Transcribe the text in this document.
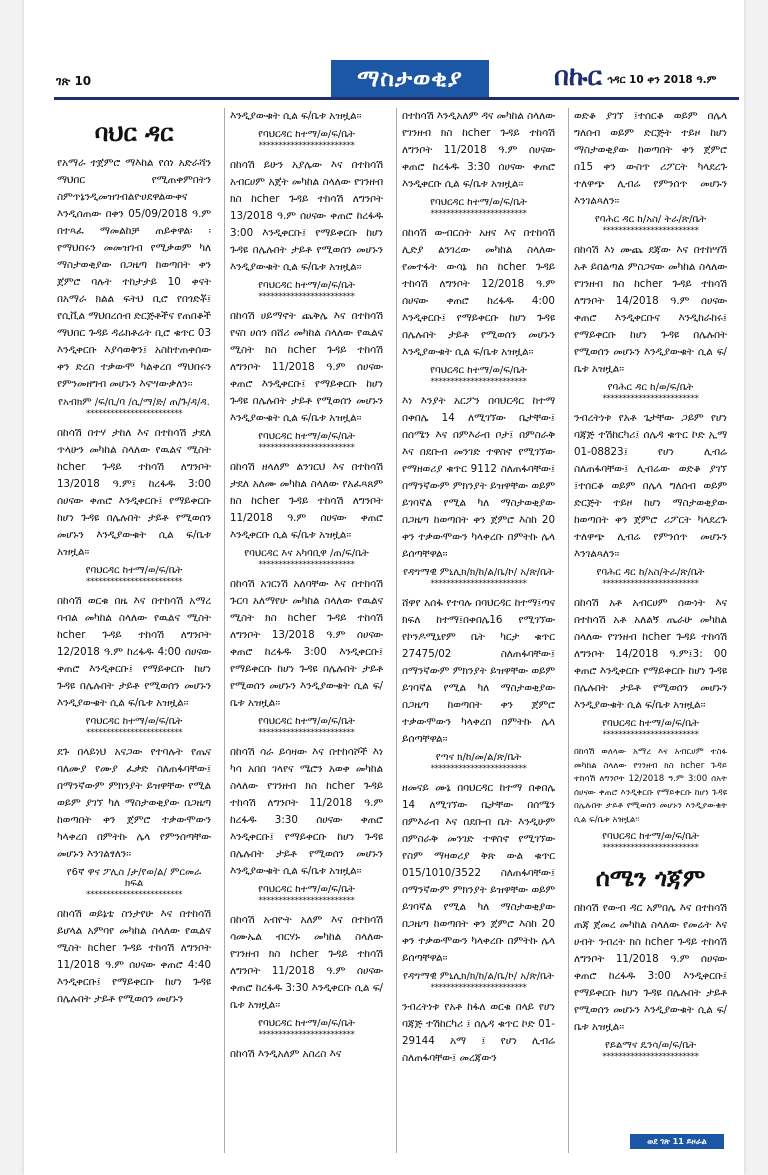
ገጽ 10	ማስታወቂያ	በኩር ኅዳር 10 ቀን 2018 ዓ.ም
ባህር ዳር

የአማራ ተጀምሮ ማእከል የሰነ አድራሻን ማህበር የሚጠቀምበትን ስምጥኔንዲመዝገብልዮሀደዋልውቀና እንዲሰጠው በቀን 05/09/2018 ዓ.ም በተጻፈ ማመልከቻ ጠይቀዋል፡ ፡ የማህበሩን መመዝገብ የሚቃወም ካለ ማስታወቂያው በጋዜጣ ከወጣበት ቀን ጀምሮ ባሉት ተከታታይ 10 ቀናት በአማራ ክልል ፍትህ ቢሮ የበጎድቾ፤ የሲቪል ማህበረሰብ ድርጅቶችና የጠበቆች ማህበር ጉዳይ ዳሬክቶሬት ቢሮ ቁጥር 03 እንዲቀርቡ እያሳወቅን፤ አስከተጠቀሰው ቀን ድረስ ተቃውሞ ካልቀረበ ማህበሩን የምንመዘግብ መሆኑን እናሣውቃለን፡፡

የአብክም /ፍ/ቢ/ባ /ሲ/ማ/ድ/ ጠ/ጉ/ዳ/ዳ.
************************

በከሳሽ በተሃ ታከለ እና በተከሳሽ ታደለ ጥላሁን መካከል ስላለው የዉልና ሚስት ከcher ጉዳይ ተከሳሽ ለግንቦት 13/2018 ዓ.ም፤ ከረፋዱ 3:00 ሰሀናው ቀጠሮ እንዲቀርቡ፤ የማይቀርቡ ከሆነ ጉዳዩ በሌሉበት ታይቶ የሚወሰን መሆኑን እንዲያውቁት ሲል ፍ/ቤቱ አዝዟል፡፡

የባህርዳር ከተማ/ወ/ፍ/ቤት
************************

በከሳሽ ወርቁ በዜ እና በተከሳሽ አማረ ባብል መካከል ስላለው የዉልና ሚስት ከcher ጉዳይ ተከሳሽ ለግንቦት 12/2018 ዓ.ም ከረፋዱ 4:00 ሰሀናው ቀጠሮ እንዲቀርቡ፤ የማይቀርቡ ከሆነ ጉዳዩ በሌሉበት ታይቶ የሚወሰን መሆኑን እንዲያውቁት ሲል ፍ/ቤቱ አዝዟል፡፡

የባህርዳር ከተማ/ወ/ፍ/ቤት
************************

ደጉ በላይነህ አናጋው የተባሉት የጤና ባለሙያ የሙያ ፈቃድ ስለጠፋባቸው፤ በማንኛውም ምክንያት ይዝዋቸው የሚል ወይም ያገኘ ካለ ማስታወቂያው በጋዜጣ ከወጣበት ቀን ጀምሮ ተቃውሞውን ካላቀረበ በምትኩ ሌላ የምንሰጣቸው መሆኑን እንገልፃለን፡፡

የ6ኛ ዋና ፖሊስ /ታ/የወ/ል/ ምርመራ ክፍል
************************

በከሳሽ ወይኔቴ ስንታየሁ እና በተከሳሽ ይሆላል አምባየ መካከል ስላለው የዉልና ሚስት ከcher ጉዳይ ተከሳሽ ለግንቦት 11/2018 ዓ.ም ሰሀናው ቀጠሮ 4:40 እንዲቀርቡ፤ የማይቀርቡ ከሆነ ጉዳዩ በሌሉበት ታይቶ የሚወሰን መሆኑን

እንዲያውቁት ሲል ፍ/ቤቱ አዝዟል፡፡

የባህርዳር ከተማ/ወ/ፍ/ቤት
************************

በከሳሽ ይሁን አያሌው እና በተከሳሽ አብርሀም አጀት መካከል ስላለው የገንዘብ ክስ ከcher ጉዳይ ተከሳሽ ለግንቦት 13/2018 ዓ.ም ሰሀናው ቀጠሮ ከረፋዱ 3:00 እንዲቀርቡ፤ የማይቀርቡ ከሆነ ጉዳዩ በሌሉበት ታይቶ የሚወሰን መሆኑን እንዲያውቁት ሲል ፍ/ቤቱ አዝዟል፡፡

የባህርዳር ከተማ/ወ/ፍ/ቤት
************************

በከሳሽ ሀይማኖት ጨቅሌ እና በተከሳሽ የናስ ሀሰን በሸሪ መካከል ስላለው የዉልና ሚስት ክስ ከcher ጉዳይ ተከሳሽ ለግንቦት 11/2018 ዓ.ም ሰሀናው ቀጠሮ እንዲቀርቡ፤ የማይቀርቡ ከሆነ ጉዳዩ በሌሉበት ታይቶ የሚወሰን መሆኑን እንዲያውቁት ሲል ፍ/ቤቱ አዝዟል፡፡

የባህርዳር ከተማ/ወ/ፍ/ቤት
************************

በከሳሽ ዘላለም ልንገርህ እና በተከሳሽ ታደለ አለሙ መካከል ስላለው የአፈጻጸም ክስ ከcher ጉዳይ ተከሳሽ ለግንቦት 11/2018 ዓ.ም ሰሀናው ቀጠሮ እንዲቀርቡ ሲል ፍ/ቤቱ አዝዟል፡፡

የባህርዳር እና አካባቢዋ /ጠ/ፍ/ቤት
************************

በከሳሽ አገርነሽ አለባቸው እና በተከሳሽ ጉርባ አለማየሁ መካከል ስላለው የዉልና ሚስት ክስ ከcher ጉዳይ ተከሳሽ ለግንቦት 13/2018 ዓ.ም ሰሀናው ቀጠሮ ከረፋዱ 3:00 እንዲቀርቡ፤ የማይቀርቡ ከሆነ ጉዳዩ በሌሉበት ታይቶ የሚወሰን መሆኑን እንዲያውቁት ሲል ፍ/ቤቱ አዝዟል፡፡

የባህርዳር ከተማ/ወ/ፍ/ቤት
************************

በከሳሽ ሳራ ይሳዛው እና በተከሳሾች እነ ካሳ አበበ ገላየና ሜሮን አወቀ መካከል ስላለው የገንዘብ ክስ ከcher ጉዳይ ተከሳሽ ለግንቦት 11/2018 ዓ.ም ከረፋዱ 3:30 ሰሀናው ቀጠሮ እንዲቀርቡ፤ የማይቀርቡ ከሆነ ጉዳዩ በሌሉበት ታይቶ የሚወሰን መሆኑን እንዲያውቁት ሲል ፍ/ቤቱ አዝዟል፡፡

የባህርዳር ከተማ/ወ/ፍ/ቤት
************************

በከሳሽ አብዮት አለም እና በተከሳሽ ሳሙኤል ብርሃኑ መካከል ስላለው የገንዘብ ክስ ከcher ጉዳይ ተከሳሽ ለግንቦት 11/2018 ዓ.ም ሰሀናው ቀጠሮ ከረፋዱ 3:30 እንዲቀርቡ ሲል ፍ/ቤቱ አዝዟል፡፡

የባህርዳር ከተማ/ወ/ፍ/ቤት
************************

በከሳሽ እንዲአለም አስረስ እና

በተከሳሽ እንዲአለም ዳና መካከል ስላለው የገንዘብ ክስ ከcher ጉዳይ ተከሳሽ ለግንቦት 11/2018 ዓ.ም ሰሀናው ቀጠሮ ከረፋዱ 3:30 ሰሀናው ቀጠሮ እንዲቀርቡ ሲል ፍ/ቤቱ አዝዟል፡፡

የባህርዳር ከተማ/ወ/ፍ/ቤት
************************

በከሳሽ ውብርስት አዘና እና በተከሳሽ ሊድያ ልንገረው መካከል ስላለው የመተፋት ውሳኔ ክስ ከcher ጉዳይ ተከሳሽ ለግንቦት 12/2018 ዓ.ም ሰሀናው ቀጠሮ ከረፋዱ 4:00 እንዲቀርቡ፤ የማይቀርቡ ከሆነ ጉዳዩ በሌሉበት ታይቶ የሚወሰን መሆኑን እንዲያውቁት ሲል ፍ/ቤቱ አዝዟል፡፡

የባህርዳር ከተማ/ወ/ፍ/ቤት
************************

እነ እንያት አርፖን በባህርዳር ከተማ በቀበሌ 14 ለሚገኘው ቤታቸው፤ በሰሜን እና በምእራብ ቦታ፤ በምስራቅ እና በደቡብ መንገድ ተዋስኖ የሚገኘው የማዘወሪያ ቁጥር 9112 ስለጠፋባቸው፤ በማንኛውም ምክንያት ይዝዋቸው ወይም ይገባኛል የሚል ካለ ማስታወቂያው በጋዜጣ ከወጣበት ቀን ጀምሮ እስከ 20 ቀን ተቃውሞውን ካላቀረቡ በምትኩ ሌላ ይሰጣቸዋል፡፡

የዳግማዊ ምኒሊክ/ክ/ከ/ል/ቤ/ኮ/ አ/ጽ/ቤት
************************

ሸዋየ አሰፋ የተባሉ በባህርዳር ከተማ፤ጣና ክፍለ ከተማ፤በቀበሌ16 የሚገኘው የኮንዶሚኒየም ቤት ካርታ ቁጥር 27475/02 ስለጠፋባቸው፤ በማንኛውም ምክንያት ይዝዋቸው ወይም ይገባኛል የሚል ካለ ማስታወቂያው በጋዜጣ ከወጣበት ቀን ጀምሮ ተቃውሞውን ካላቀረበ በምትኩ ሌላ ይሰጣቸዋል፡፡

የጣና ክ/ከ/መ/ል/ጽ/ቤት
************************

ዘመናይ ሙኔ በባህርዳር ከተማ በቀበሌ 14 ለሚገኘው ቤታቸው በሰሜን በምእራብ እና በደቡብ ቤት እንዲሁም በምስራቅ መንገድ ተዋስኖ የሚገኘው የስም ማዛወሪያ ቅጽ ውል ቁጥር 015/1010/3522 ስለጠፋባቸው፤ በማንኛውም ምክንያት ይዝዋቸው ወይም ይገባኛል የሚል ካለ ማስታወቂያው በጋዜጣ ከወጣበት ቀን ጀምሮ እስከ 20 ቀን ተቃውሞውን ካላቀረቡ በምትኩ ሌላ ይሰጣቸዋል፡፡

የዳግማዊ ምኒሊክ/ክ/ከ/ል/ቤ/ኮ/ አ/ጽ/ቤት
************************

ንብረትነቱ የአቶ ከፋለ ወርቁ በላይ የሆነ ባጃጅ ተሽከርካሪ ፤ ሰሌዳ ቁጥር ኮድ 01-29144 አማ ፤ የሆነ ሊብሬ ስለጠፋባቸው፤ መረጃውን

ወድቆ ያገኘ ፤ተሰርቆ ወይም በሌላ ግለሰብ ወይም ድርጅት ተይዞ ከሆነ ማስታወቂያው ከወጣበት ቀን ጀምሮ በ15 ቀን ውስጥ ሪፖርት ካላደረጉ ተለዋጭ ሊብሬ የምንሰጥ መሆኑን እንገልጻለን፡፡

የባሕር ዳር ከ/አስ/ ትራ/ጽ/ቤት
************************

በከሳሽ እነ ሙጨ ደጃው እና በተከሣሽ አቶ ይበልጣል ምስጋናው መካከል ስላለው የገንዘብ ክስ ከcher ጉዳይ ተከሳሽ ለግንቦት 14/2018 ዓ.ም ሰሀናው ቀጠሮ እንዲቀርቡና እንዲከራከሩ፤ የማይቀርቡ ከሆነ ጉዳዩ በሌሉበት የሚወሰን መሆኑን እንዲያውቁት ሲል ፍ/ቤቱ አዝዟል፡፡

የባሕር ዳር ከ/ወ/ፍ/ቤት
************************

ንብረትነቱ የአቶ ጌታቸው ጋይም የሆነ ባጃጅ ተሽከርካሪ፤ ሰሌዳ ቁጥር ኮድ ኢማ 01-08823፤ የሆነ ሊብሬ ስለጠፋባቸው፤ ሊብሬው ወድቆ ያገኘ ፤ተሰርቆ ወይም በሌላ ግለሰብ ወይም ድርጅት ተይዞ ከሆነ ማስታወቂያው ከወጣበት ቀን ጀምሮ ሪፖርት ካላደረጉ ተለዋጭ ሊብሬ የምንሰጥ መሆኑን እንገልጻለን፡፡

የባሕር ዳር ከ/አስ/ትራ/ጽ/ቤት
************************

በከሳሽ አቶ አብርሀም ሰውነት እና በተከሳሽ አቶ አለልኝ ጤራሁ መካከል ስላለው የገንዘብ ከcher ጉዳይ ተከሳሽ ለግንቦት 14/2018 ዓ.ም፤3: 00 ቀጠሮ እንዲቀርቡ የማይቀርቡ ከሆነ ጉዳዩ በሌሉበት ታይቶ የሚወሰን መሆኑን እንዲያውቁት ሲል ፍ/ቤቱ አዝዟል፡፡

የባህርዳር ከተማ/ወ/ፍ/ቤት
************************

በከሳሽ ወለላው አማረ እና አብርሀም ተስፋ መካከል ስላለው የገንዘብ ክስ ከcher ጉዳይ ተከሳሽ ለግንቦት 12/2018 ዓ.ም 3:00 ሰአት ሰሀናው ቀጠሮ እንዲቀርቡ የማይቀርቡ ከሆነ ጉዳዩ በሌሉበት ታይቶ የሚወሰን መሆኑን እንዲያውቁት ሲል ፍ/ቤቱ አዝዟል፡፡

የባህርዳር ከተማ/ወ/ፍ/ቤት
************************
ሰሜን ጎጃም

በከሳሽ የውብ ዳር አምበሌ እና በተከሳሽ ጠጃ ጀመረ መካከል ስላለው የመሬት እና ሀብት ንብረት ክስ ከcher ጉዳይ ተከሳሽ ለግንቦት 11/2018 ዓ.ም ሰሀናው ቀጠሮ ከረፋዱ 3:00 እንዲቀርቡ፤ የማይቀርቡ ከሆነ ጉዳዩ በሌሉበት ታይቶ የሚወሰን መሆኑን እንዲያውቁት ሲል ፍ/ቤቱ አዝዟል፡፡

የይልማና ዴንሳ/ወ/ፍ/ቤት
************************
ወደ ገጽ 11 ይዞራል
